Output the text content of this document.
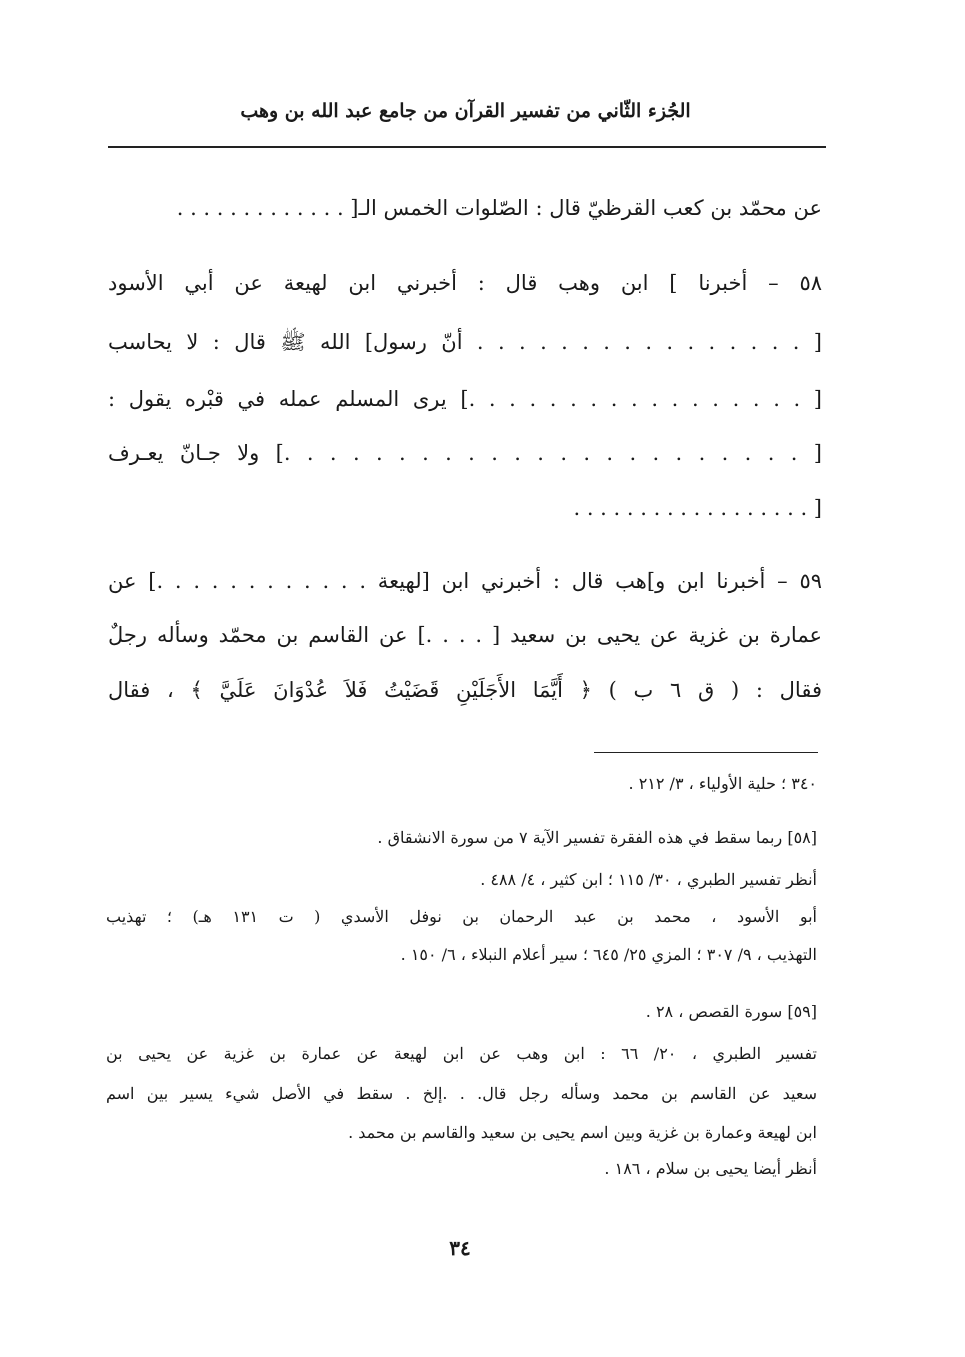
الجُزء الثّاني من تفسير القرآن من جامع عبد الله بن وهب
عن محمّد بن كعب القرظيّ قال : الصّلوات الخمس الـ[ . . . . . . . . . . . . .
٥٨ – أخبرنا ] ابن وهب قال : أخبرني ابن لهيعة عن أبي الأسود
[ . . . . . . . . . . . . . . . . أنّ رسول] الله ﷺ قال : لا يحاسب
[ . . . . . . . . . . . . . . . . .] يرى المسلم عمله في قبْره يقول :
[ . . . . . . . . . . . . . . . . . . . . . . .] ولا جـانّ يعـرف
[ . . . . . . . . . . . . . . . . . .
٥٩ – أخبرنا ابن و]هب قال : أخبرني ابن [لهيعة . . . . . . . . . . . .] عن
عمارة بن غزية عن يحيى بن سعيد [ . . . .] عن القاسم بن محمّد وسأله رجلٌ
فقال : ( ق ٦ ب ) ﴿ أَيَّمَا الأَجَلَيْنِ قَضَيْتُ فَلاَ عُدْوَانَ عَلَيَّ ﴾ ، فقال
٣٤٠ ؛ حلية الأولياء ، ٣/ ٢١٢ .
[٥٨] ربما سقط في هذه الفقرة تفسير الآية ٧ من سورة الانشقاق .
أنظر تفسير الطبري ، ٣٠/ ١١٥ ؛ ابن كثير ، ٤/ ٤٨٨ .
أبو الأسود ، محمد بن عبد الرحمان بن نوفل الأسدي ( ت ١٣١ هـ) ؛ تهذيب
التهذيب ، ٩/ ٣٠٧ ؛ المزي ٢٥/ ٦٤٥ ؛ سير أعلام النبلاء ، ٦/ ١٥٠ .
[٥٩] سورة القصص ، ٢٨ .
تفسير الطبري ، ٢٠/ ٦٦ : ابن وهب عن ابن لهيعة عن عمارة بن غزية عن يحيى بن
سعيد عن القاسم بن محمد وسأله رجل قال. . .إلخ . سقط في الأصل شيء يسير بين اسم
ابن لهيعة وعمارة بن غزية وبين اسم يحيى بن سعيد والقاسم بن محمد .
أنظر أيضا يحيى بن سلام ، ١٨٦ .
٣٤
